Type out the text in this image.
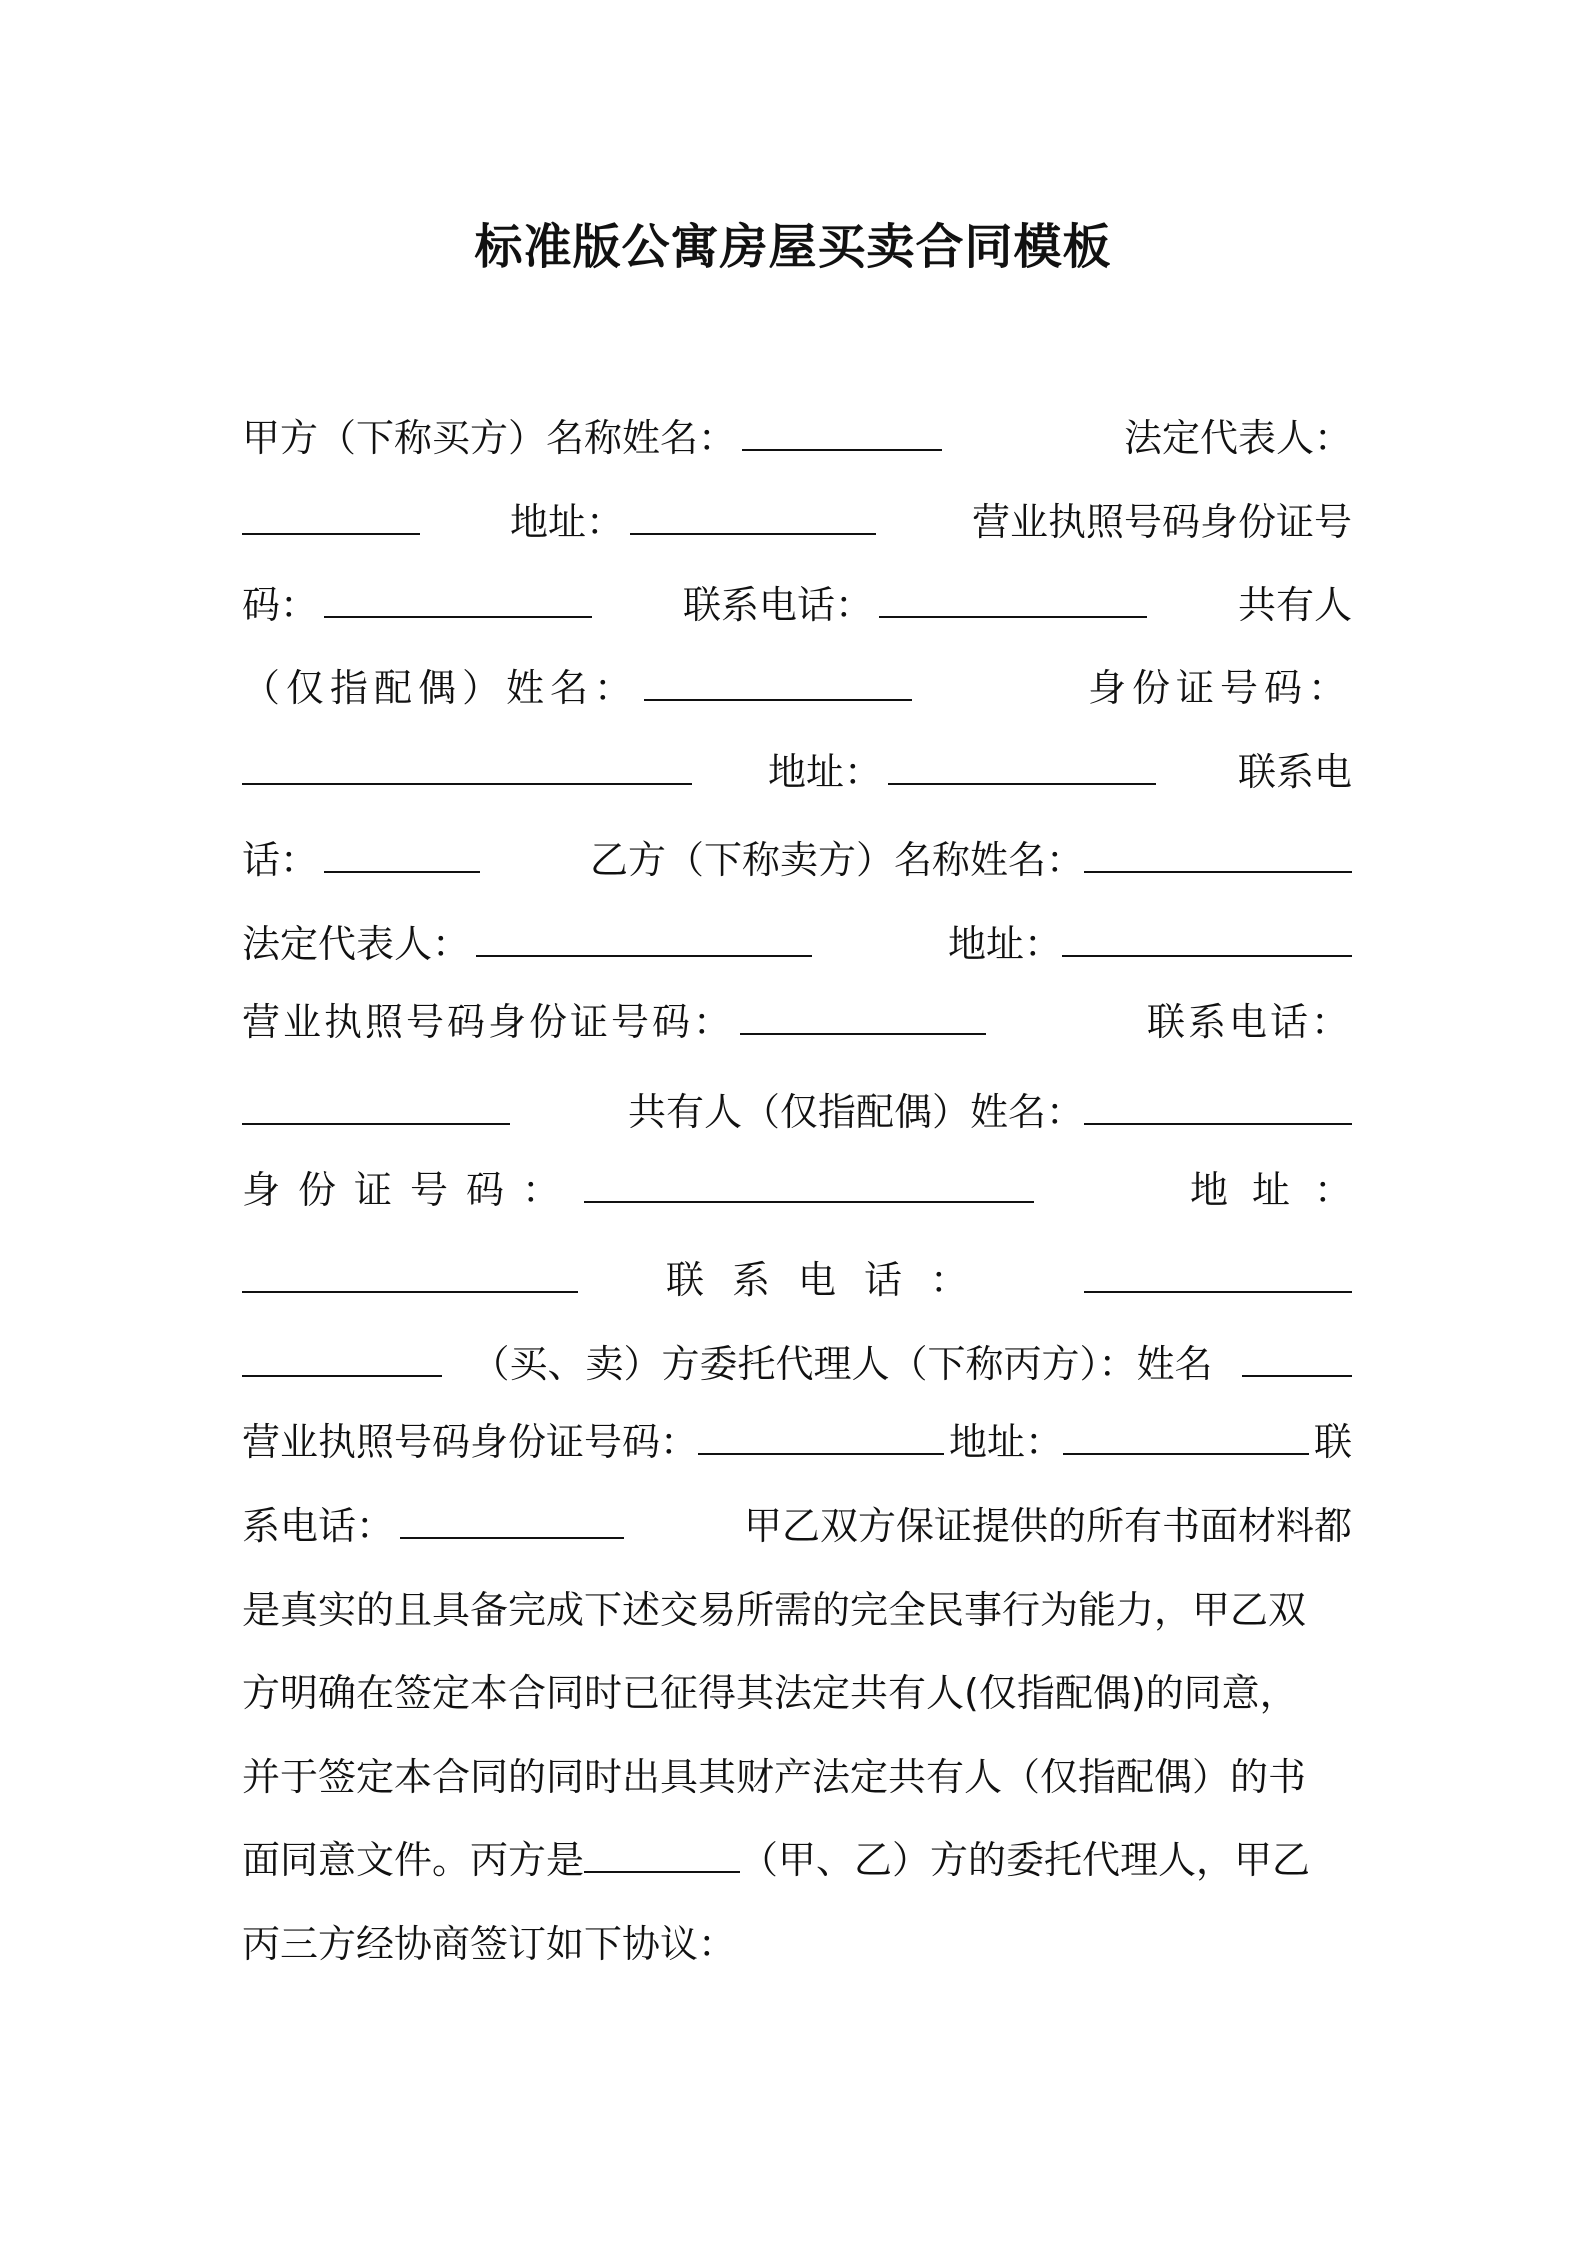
标准版公寓房屋买卖合同模板
甲方（下称买方）名称姓名：	法定代表人：
地址：	营业执照号码身份证号
码：	联系电话：	共有人
（仅指配偶）姓名：	身份证号码：
地址：	联系电
话：	乙方（下称卖方）名称姓名：
法定代表人：	地址：
营业执照号码身份证号码：	联系电话：
共有人（仅指配偶）姓名：
身份证号码：	地址：
联系电话：
（买、卖）方委托代理人（下称丙方）：姓名
营业执照号码身份证号码：	地址：	联
系电话：	甲乙双方保证提供的所有书面材料都
是真实的且具备完成下述交易所需的完全民事行为能力，甲乙双
方明确在签定本合同时已征得其法定共有人(仅指配偶)的同意，
并于签定本合同的同时出具其财产法定共有人（仅指配偶）的书
面同意文件。丙方是	（甲、乙）方的委托代理人，甲乙
丙三方经协商签订如下协议：
